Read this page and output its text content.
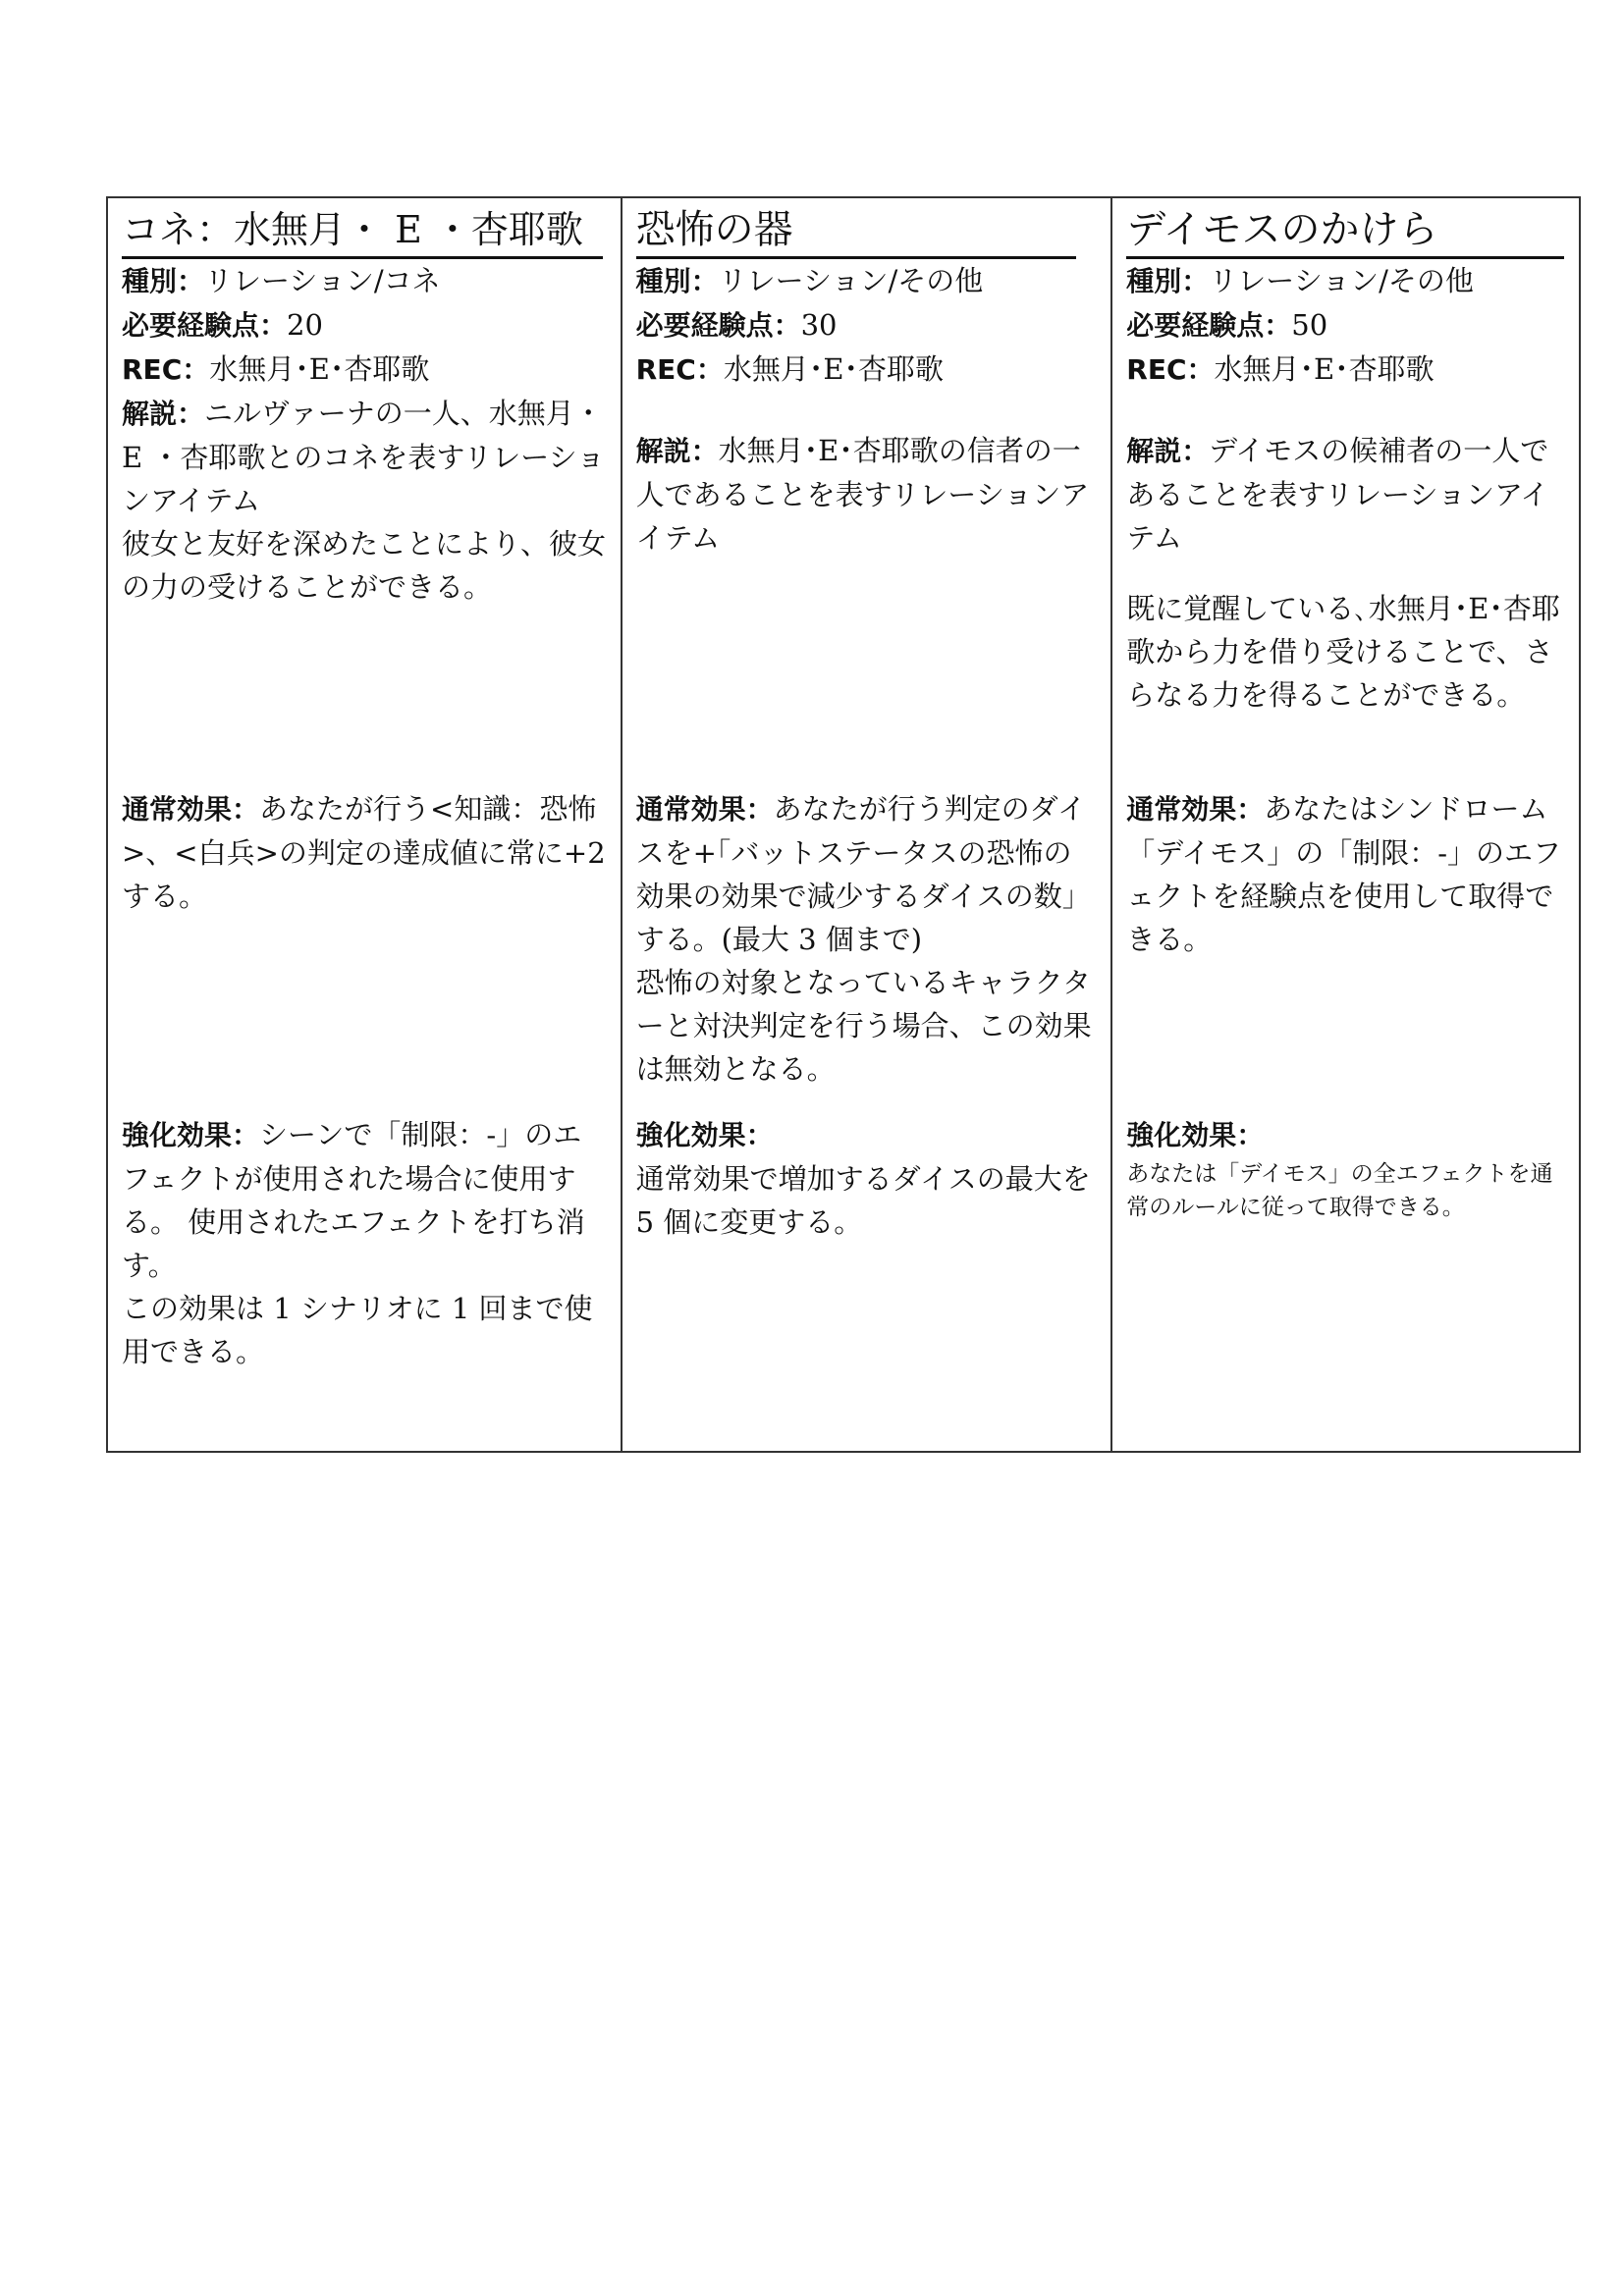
コネ：水無月・ E ・杏耶歌
種別：リレーション/コネ
必要経験点：20
REC：水無月･E･杏耶歌
解説：ニルヴァーナの一人、水無月・ E ・杏耶歌とのコネを表すリレーションアイテム
彼女と友好を深めたことにより、彼女の力の受けることができる。
通常効果：あなたが行う<知識：恐怖>、<白兵>の判定の達成値に常に+2 する。
強化効果：シーンで「制限：-」のエフェクトが使用された場合に使用する。 使用されたエフェクトを打ち消す。
この効果は 1 シナリオに 1 回まで使用できる。
恐怖の器
種別：リレーション/その他
必要経験点：30
REC：水無月･E･杏耶歌
解説：水無月･E･杏耶歌の信者の一人であることを表すリレーションアイテム
通常効果：あなたが行う判定のダイスを+｢バットステータスの恐怖の効果の効果で減少するダイスの数｣する。(最大 3 個まで)
恐怖の対象となっているキャラクターと対決判定を行う場合、この効果は無効となる。
強化効果：
通常効果で増加するダイスの最大を 5 個に変更する。
デイモスのかけら
種別：リレーション/その他
必要経験点：50
REC：水無月･E･杏耶歌
解説：デイモスの候補者の一人であることを表すリレーションアイテム
既に覚醒している､水無月･E･杏耶歌から力を借り受けることで、さらなる力を得ることができる。
通常効果：あなたはシンドローム「デイモス」の「制限：-」のエフェクトを経験点を使用して取得できる。
強化効果：
あなたは「デイモス」の全エフェクトを通常のルールに従って取得できる。
